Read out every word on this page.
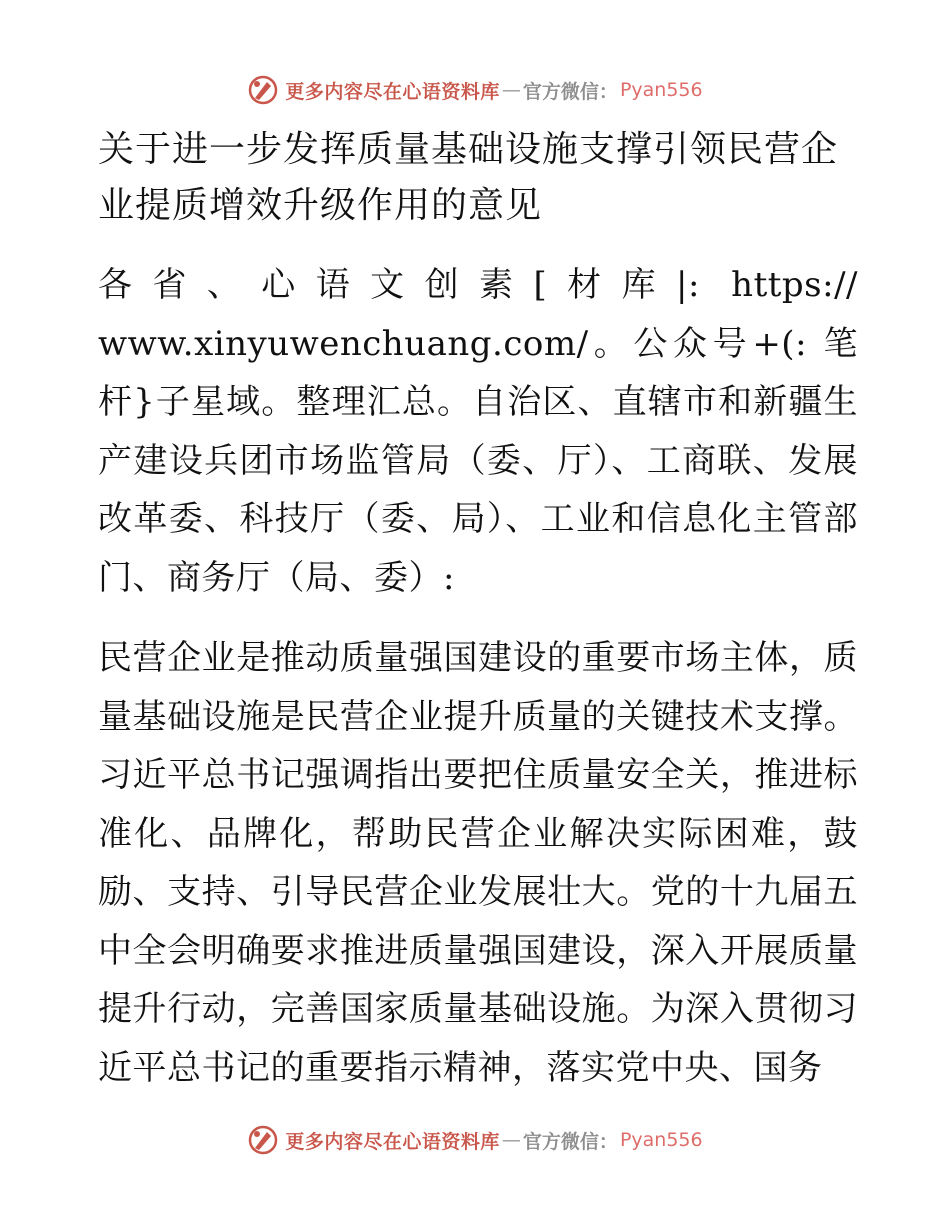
更多内容尽在心语资料库 — 官方微信： Pyan556
关于进一步发挥质量基础设施支撑引领民营企业提质增效升级作用的意见

各省、心语文创素[材库|: https:// www.xinyuwenchuang.com/。公众号+(: 笔杆}子星域。整理汇总。自治区、直辖市和新疆生产建设兵团市场监管局（委、厅）、工商联、发展改革委、科技厅（委、局）、工业和信息化主管部门、商务厅（局、委）:

民营企业是推动质量强国建设的重要市场主体，质量基础设施是民营企业提升质量的关键技术支撑。习近平总书记强调指出要把住质量安全关，推进标准化、品牌化，帮助民营企业解决实际困难，鼓励、支持、引导民营企业发展壮大。党的十九届五中全会明确要求推进质量强国建设，深入开展质量提升行动，完善国家质量基础设施。为深入贯彻习近平总书记的重要指示精神，落实党中央、国务

更多内容尽在心语资料库 — 官方微信： Pyan556
